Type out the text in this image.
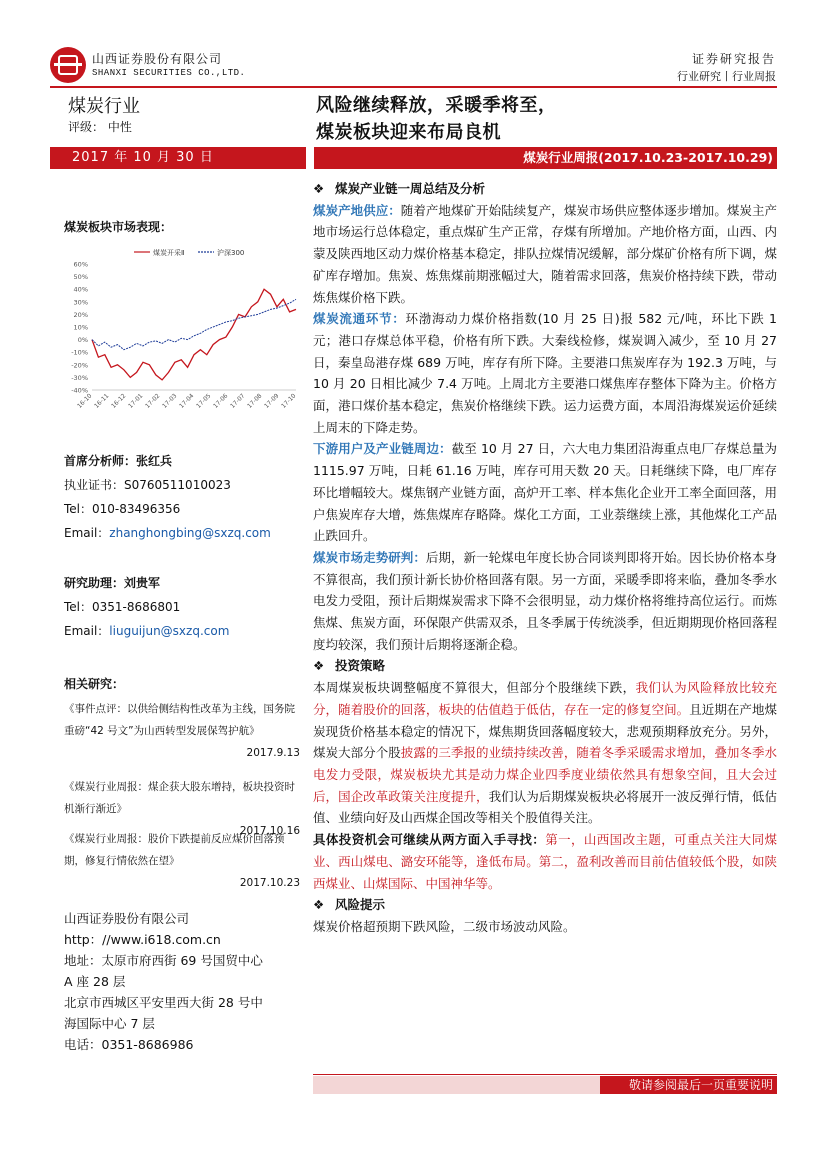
山西证券股份有限公司
SHANXI SECURITIES CO.,LTD.
证券研究报告
行业研究丨行业周报
煤炭行业
评级： 中性
风险继续释放，采暖季将至，
煤炭板块迎来布局良机
2017 年 10 月 30 日	煤炭行业周报(2017.10.23-2017.10.29)
煤炭板块市场表现：
煤炭开采Ⅱ	沪深300
60%
50%
40%
30%
20%
10%
0%
-10%
-20%
-30%
-40%
16-10 16-11 16-12 17-01 17-02 17-03 17-04 17-05 17-06 17-07 17-08 17-09 17-10
首席分析师：张红兵
执业证书：S0760511010023
Tel：010-83496356
Email：zhanghongbing@sxzq.com
研究助理：刘贵军
Tel：0351-8686801
Email：liuguijun@sxzq.com
相关研究：
《事件点评：以供给侧结构性改革为主线，国务院重磅“42 号文”为山西转型发展保驾护航》
2017.9.13
《煤炭行业周报：煤企获大股东增持，板块投资时机渐行渐近》
2017.10.16
《煤炭行业周报：股价下跌提前反应煤价回落预期，修复行情依然在望》
2017.10.23
山西证券股份有限公司
http：//www.i618.com.cn
地址：太原市府西街 69 号国贸中心
A 座 28 层
北京市西城区平安里西大街 28 号中
海国际中心 7 层
电话：0351-8686986
❖ 煤炭产业链一周总结及分析
煤炭产地供应：随着产地煤矿开始陆续复产，煤炭市场供应整体逐步增加。煤炭主产地市场运行总体稳定，重点煤矿生产正常，存煤有所增加。产地价格方面，山西、内蒙及陕西地区动力煤价格基本稳定，排队拉煤情况缓解，部分煤矿价格有所下调，煤矿库存增加。焦炭、炼焦煤前期涨幅过大，随着需求回落，焦炭价格持续下跌，带动炼焦煤价格下跌。
煤炭流通环节：环渤海动力煤价格指数(10 月 25 日)报 582 元/吨，环比下跌 1 元；港口存煤总体平稳，价格有所下跌。大秦线检修，煤炭调入减少，至 10 月 27 日，秦皇岛港存煤 689 万吨，库存有所下降。主要港口焦炭库存为 192.3 万吨，与 10 月 20 日相比减少 7.4 万吨。上周北方主要港口煤焦库存整体下降为主。价格方面，港口煤价基本稳定，焦炭价格继续下跌。运力运费方面，本周沿海煤炭运价延续上周末的下降走势。
下游用户及产业链周边：截至 10 月 27 日，六大电力集团沿海重点电厂存煤总量为 1115.97 万吨，日耗 61.16 万吨，库存可用天数 20 天。日耗继续下降，电厂库存环比增幅较大。煤焦钢产业链方面，高炉开工率、样本焦化企业开工率全面回落，用户焦炭库存大增，炼焦煤库存略降。煤化工方面，工业萘继续上涨，其他煤化工产品止跌回升。
煤炭市场走势研判：后期，新一轮煤电年度长协合同谈判即将开始。因长协价格本身不算很高，我们预计新长协价格回落有限。另一方面，采暖季即将来临，叠加冬季水电发力受阻，预计后期煤炭需求下降不会很明显，动力煤价格将维持高位运行。而炼焦煤、焦炭方面，环保限产供需双杀，且冬季属于传统淡季，但近期期现价格回落程度均较深，我们预计后期将逐渐企稳。
❖ 投资策略
本周煤炭板块调整幅度不算很大，但部分个股继续下跌，我们认为风险释放比较充分，随着股价的回落，板块的估值趋于低估，存在一定的修复空间。且近期在产地煤炭现货价格基本稳定的情况下，煤焦期货回落幅度较大，悲观预期释放充分。另外，煤炭大部分个股披露的三季报的业绩持续改善，随着冬季采暖需求增加，叠加冬季水电发力受限，煤炭板块尤其是动力煤企业四季度业绩依然具有想象空间，且大会过后，国企改革政策关注度提升，我们认为后期煤炭板块必将展开一波反弹行情，低估值、业绩向好及山西煤企国改等相关个股值得关注。
具体投资机会可继续从两方面入手寻找：第一，山西国改主题，可重点关注大同煤业、西山煤电、潞安环能等，逢低布局。第二，盈利改善而目前估值较低个股，如陕西煤业、山煤国际、中国神华等。
❖ 风险提示
煤炭价格超预期下跌风险，二级市场波动风险。
敬请参阅最后一页重要说明
